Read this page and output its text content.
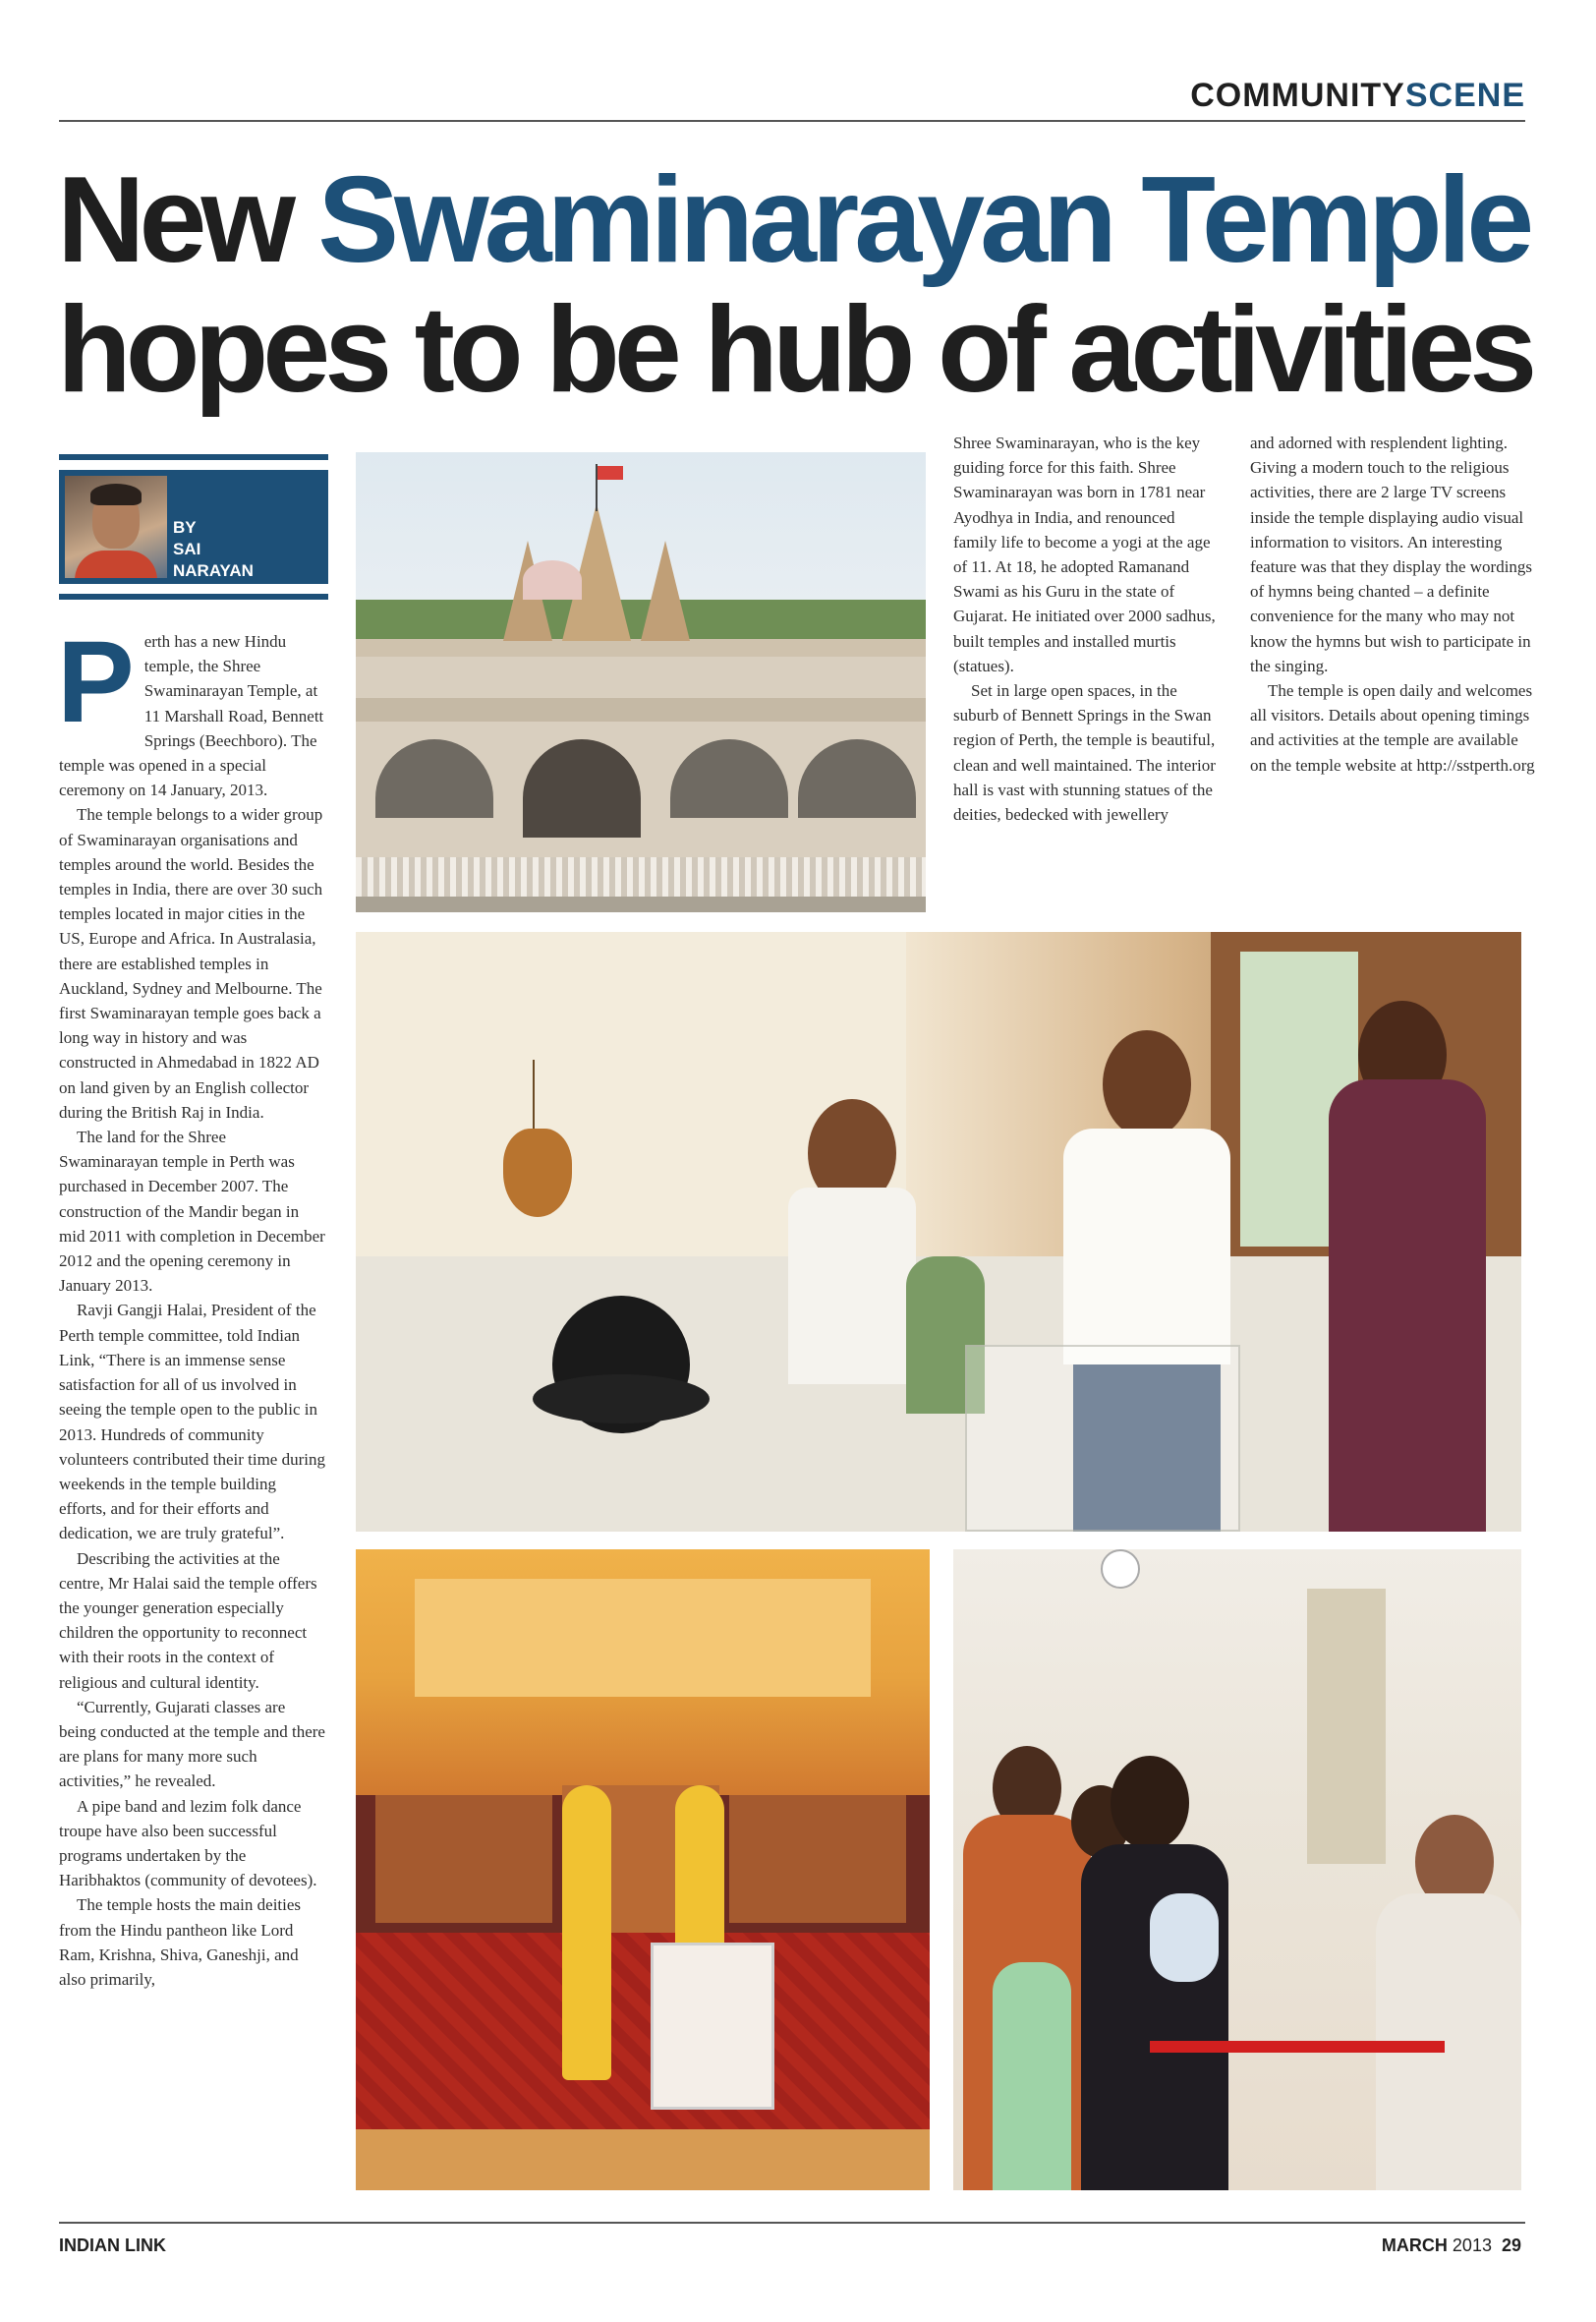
COMMUNITYSCENE
New Swaminarayan Temple
hopes to be hub of activities
BY
SAI
NARAYAN
P erth has a new Hindu temple, the Shree Swaminarayan Temple, at 11 Marshall Road, Bennett Springs (Beechboro). The temple was opened in a special ceremony on 14 January, 2013.

The temple belongs to a wider group of Swaminarayan organisations and temples around the world. Besides the temples in India, there are over 30 such temples located in major cities in the US, Europe and Africa. In Australasia, there are established temples in Auckland, Sydney and Melbourne. The first Swaminarayan temple goes back a long way in history and was constructed in Ahmedabad in 1822 AD on land given by an English collector during the British Raj in India.

The land for the Shree Swaminarayan temple in Perth was purchased in December 2007. The construction of the Mandir began in mid 2011 with completion in December 2012 and the opening ceremony in January 2013.

Ravji Gangji Halai, President of the Perth temple committee, told Indian Link, “There is an immense sense satisfaction for all of us involved in seeing the temple open to the public in 2013. Hundreds of community volunteers contributed their time during weekends in the temple building efforts, and for their efforts and dedication, we are truly grateful”.

Describing the activities at the centre, Mr Halai said the temple offers the younger generation especially children the opportunity to reconnect with their roots in the context of religious and cultural identity.

“Currently, Gujarati classes are being conducted at the temple and there are plans for many more such activities,” he revealed.

A pipe band and lezim folk dance troupe have also been successful programs undertaken by the Haribhaktos (community of devotees).

The temple hosts the main deities from the Hindu pantheon like Lord Ram, Krishna, Shiva, Ganeshji, and also primarily,

Shree Swaminarayan, who is the key guiding force for this faith. Shree Swaminarayan was born in 1781 near Ayodhya in India, and renounced family life to become a yogi at the age of 11. At 18, he adopted Ramanand Swami as his Guru in the state of Gujarat. He initiated over 2000 sadhus, built temples and installed murtis (statues).

Set in large open spaces, in the suburb of Bennett Springs in the Swan region of Perth, the temple is beautiful, clean and well maintained. The interior hall is vast with stunning statues of the deities, bedecked with jewellery

and adorned with resplendent lighting. Giving a modern touch to the religious activities, there are 2 large TV screens inside the temple displaying audio visual information to visitors. An interesting feature was that they display the wordings of hymns being chanted – a definite convenience for the many who may not know the hymns but wish to participate in the singing.

The temple is open daily and welcomes all visitors. Details about opening timings and activities at the temple are available on the temple website at http://sstperth.org

INDIAN LINK	MARCH 2013 29
